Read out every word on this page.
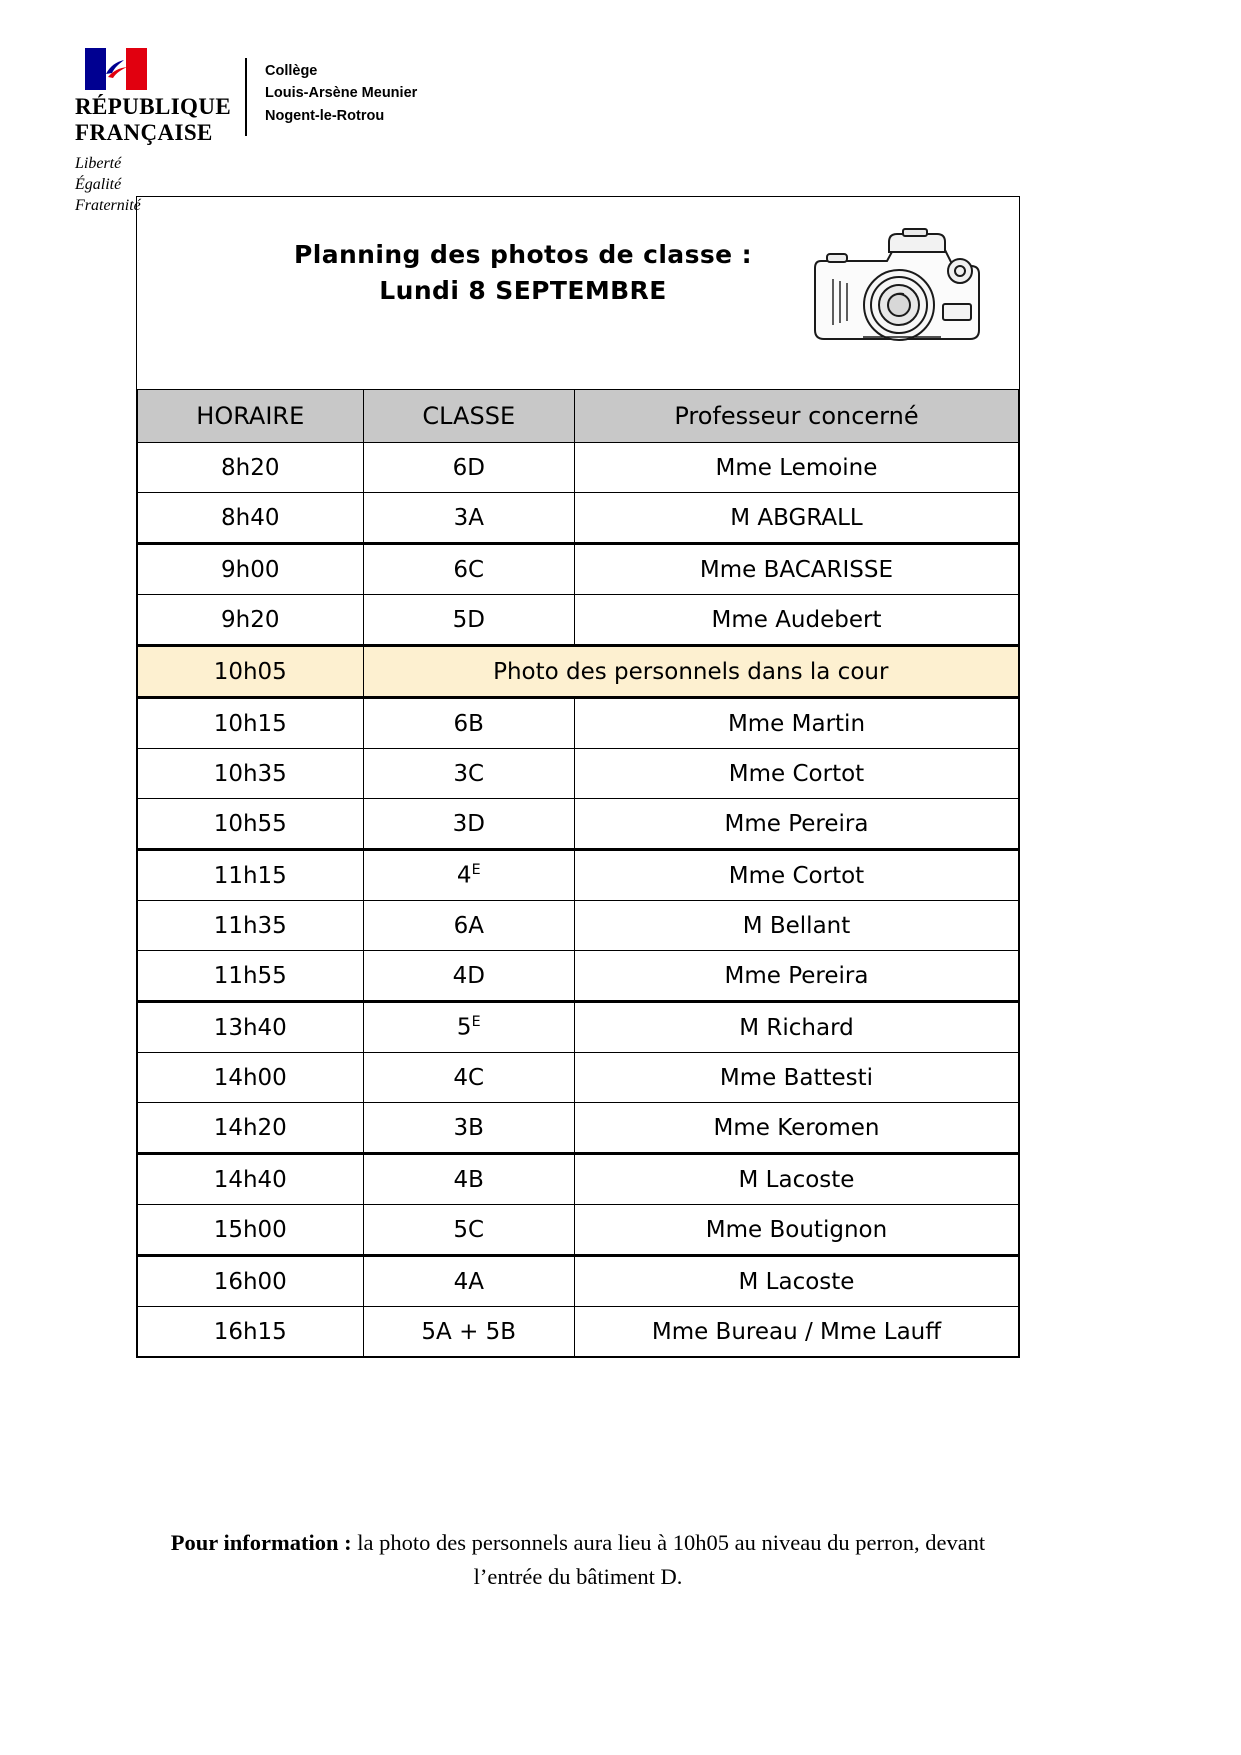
RÉPUBLIQUE
FRANÇAISE
Liberté
Égalité
Fraternité
Collège
Louis-Arsène Meunier
Nogent-le-Rotrou
Planning des photos de classe :
Lundi 8 SEPTEMBRE
HORAIRE	CLASSE	Professeur concerné
8h20	6D	Mme Lemoine
8h40	3A	M ABGRALL
9h00	6C	Mme BACARISSE
9h20	5D	Mme Audebert
10h05	Photo des personnels dans la cour	
10h15	6B	Mme Martin
10h35	3C	Mme Cortot
10h55	3D	Mme Pereira
11h15	$4^E$	Mme Cortot
11h35	6A	M Bellant
11h55	4D	Mme Pereira
13h40	$5^E$	M Richard
14h00	4C	Mme Battesti
14h20	3B	Mme Keromen
14h40	4B	M Lacoste
15h00	5C	Mme Boutignon
16h00	4A	M Lacoste
16h15	5A + 5B	Mme Bureau / Mme Lauff
Pour information : la photo des personnels aura lieu à 10h05 au niveau du perron, devant l’entrée du bâtiment D.
